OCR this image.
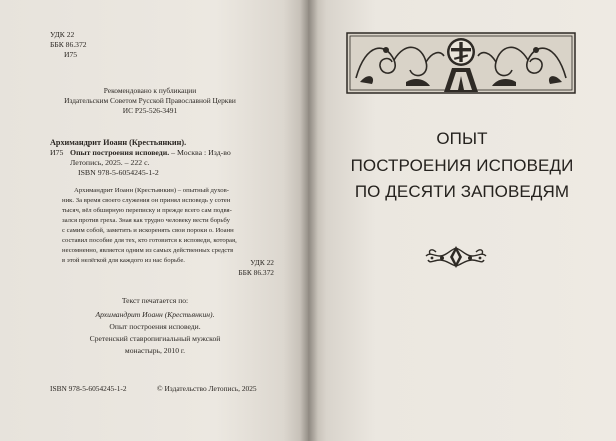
УДК 22
ББК 86.372
И75
Рекомендовано к публикации
Издательским Советом Русской Православной Церкви
ИС Р25-526-3491
Архимандрит Иоанн (Крестьянкин).
И75 Опыт построения исповеди. – Москва : Изд-во
Летопись, 2025. – 222 с.
ISBN 978-5-6054245-1-2
Архимандрит Иоанн (Крестьянкин) – опытный духов-
ник. За время своего служения он принял исповедь у сотен
тысяч, вёл обширную переписку и прежде всего сам подвя-
зался против греха. Зная как трудно человеку вести борьбу
с самим собой, заметить и искоренять свои пороки о. Иоанн
составил пособие для тех, кто готовится к исповеди, которая,
несомненно, является одним из самых действенных средств
в этой нелёгкой для каждого из нас борьбе.	УДК 22
ББК 86.372
Текст печатается по:
Архимандрит Иоанн (Крестьянкин).
Опыт построения исповеди.
Сретенский ставропигиальный мужской
монастырь, 2010 г.
ISBN 978-5-6054245-1-2	© Издательство Летопись, 2025
ОПЫТ
ПОСТРОЕНИЯ ИСПОВЕДИ
ПО ДЕСЯТИ ЗАПОВЕДЯМ
